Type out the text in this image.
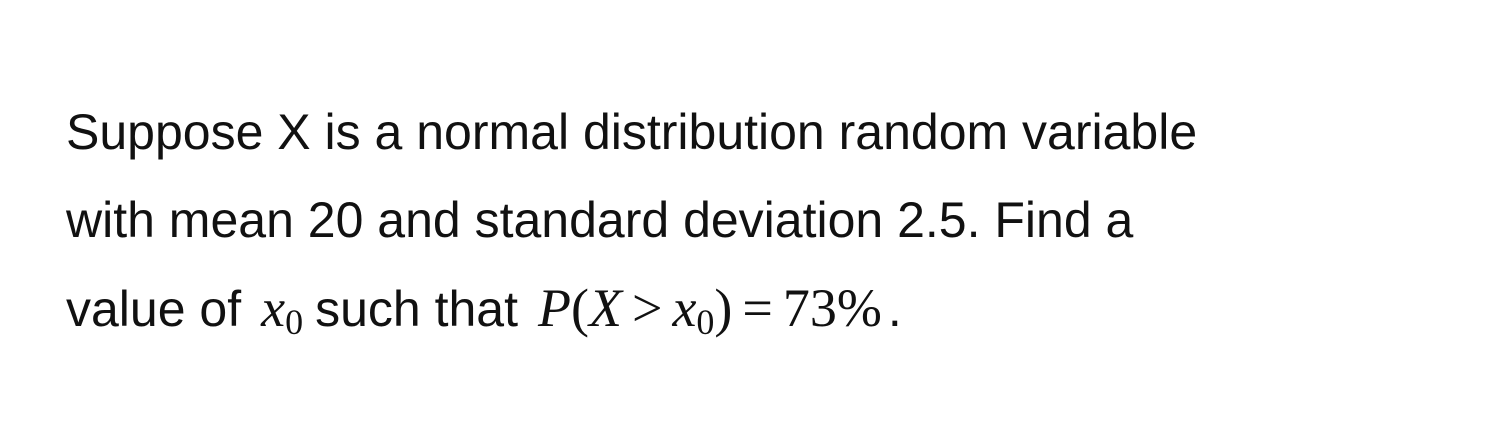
Suppose X is a normal distribution random variable
with mean 20 and standard deviation 2.5. Find a
value of $x_0$ such that $P(X > x_0) = 73\%$ .
